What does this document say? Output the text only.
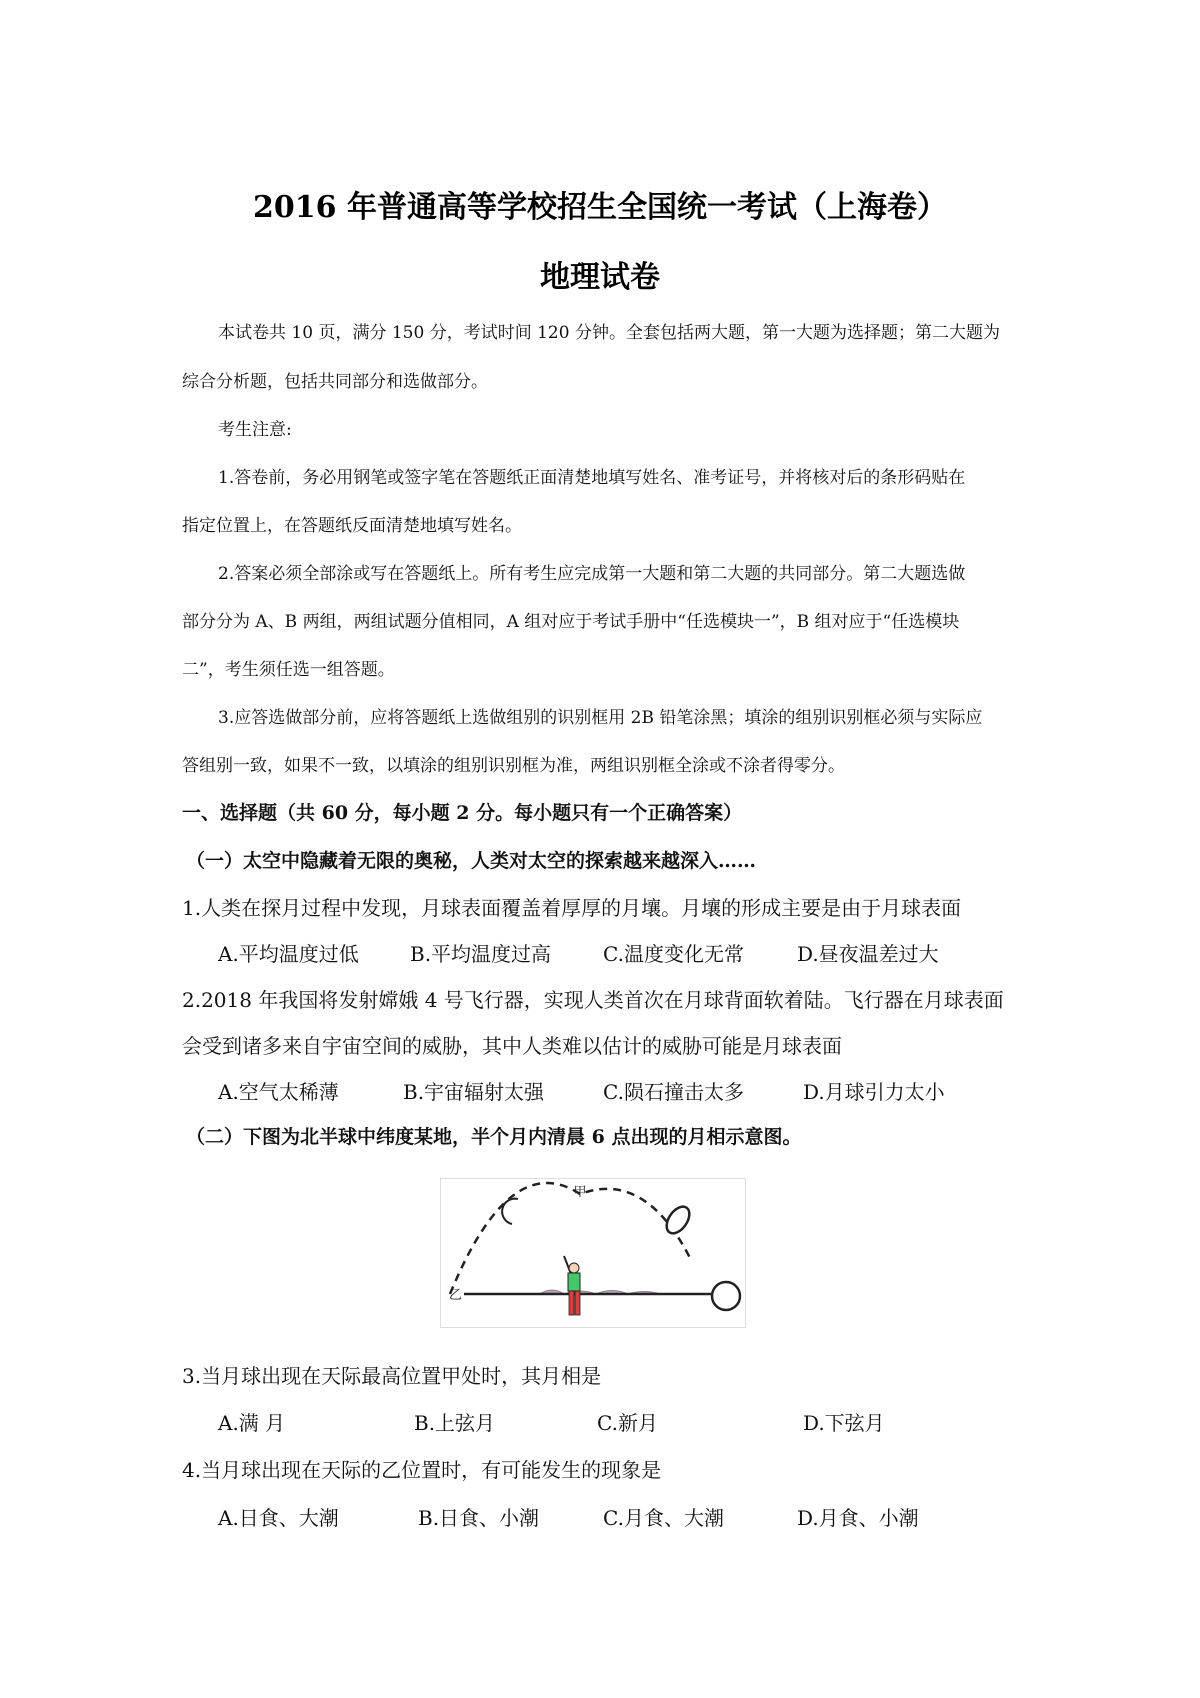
2016 年普通高等学校招生全国统一考试（上海卷）
地理试卷
本试卷共 10 页，满分 150 分，考试时间 120 分钟。全套包括两大题，第一大题为选择题；第二大题为
综合分析题，包括共同部分和选做部分。
考生注意:
1.答卷前，务必用钢笔或签字笔在答题纸正面清楚地填写姓名、准考证号，并将核对后的条形码贴在
指定位置上，在答题纸反面清楚地填写姓名。
2.答案必须全部涂或写在答题纸上。所有考生应完成第一大题和第二大题的共同部分。第二大题选做
部分分为 A、B 两组，两组试题分值相同，A 组对应于考试手册中“任选模块一”，B 组对应于“任选模块
二”，考生须任选一组答题。
3.应答选做部分前，应将答题纸上选做组别的识别框用 2B 铅笔涂黑；填涂的组别识别框必须与实际应
答组别一致，如果不一致，以填涂的组别识别框为准，两组识别框全涂或不涂者得零分。
一、选择题（共 60 分，每小题 2 分。每小题只有一个正确答案）
（一）太空中隐藏着无限的奥秘，人类对太空的探索越来越深入……
1.人类在探月过程中发现，月球表面覆盖着厚厚的月壤。月壤的形成主要是由于月球表面
A.平均温度过低	B.平均温度过高	C.温度变化无常	D.昼夜温差过大
2.2018 年我国将发射嫦娥 4 号飞行器，实现人类首次在月球背面软着陆。飞行器在月球表面
会受到诸多来自宇宙空间的威胁，其中人类难以估计的威胁可能是月球表面
A.空气太稀薄	B.宇宙辐射太强	C.陨石撞击太多	D.月球引力太小
（二）下图为北半球中纬度某地，半个月内清晨 6 点出现的月相示意图。
甲
乙
3.当月球出现在天际最高位置甲处时，其月相是
A.满 月	B.上弦月	C.新月	D.下弦月
4.当月球出现在天际的乙位置时，有可能发生的现象是
A.日食、大潮	B.日食、小潮	C.月食、大潮	D.月食、小潮
